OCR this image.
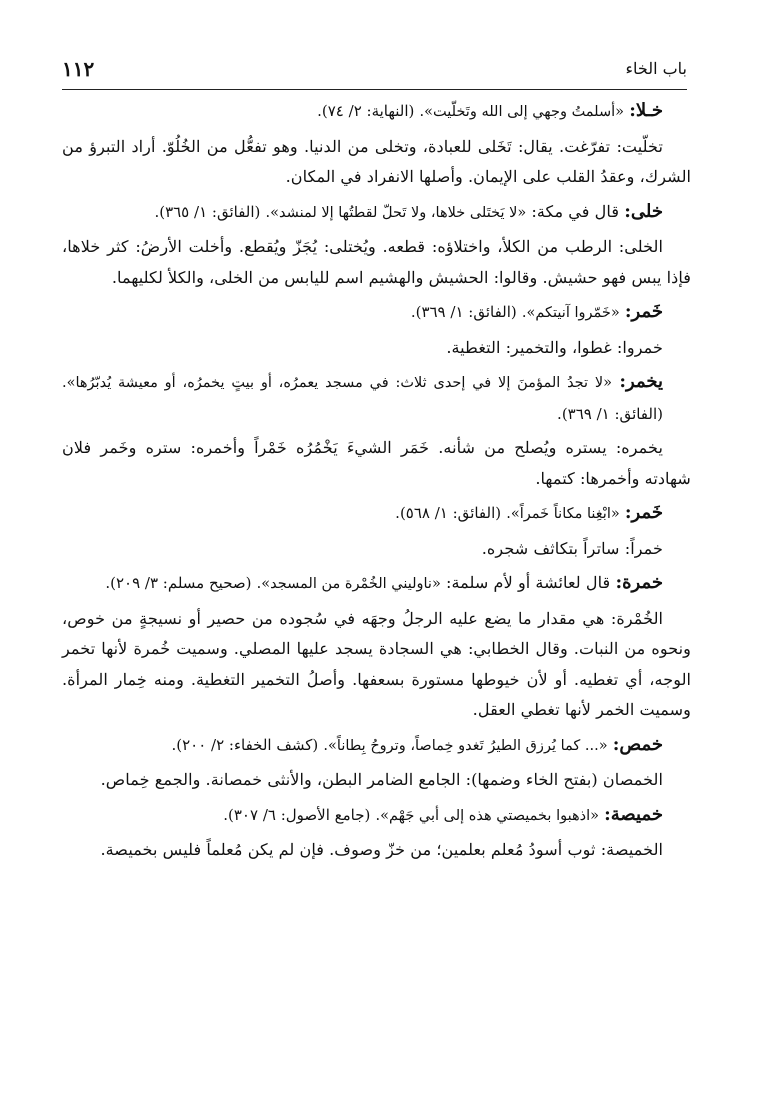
باب الخاء
١١٢

خـلا: «أسلمتُ وجهي إلى الله وتَخلّيت». (النهاية: ٢/ ٧٤).

تخلّيت: تفرّغت. يقال: تَخَلى للعبادة، وتخلى من الدنيا. وهو تفعُّل من الخُلُوّ. أراد التبرؤ من الشرك، وعقدُ القلب على الإيمان. وأصلها الانفراد في المكان.

خلى: قال في مكة: «لا يَختَلى خلاها، ولا تَحلّ لقطتُها إلا لمنشد». (الفائق: ١/ ٣٦٥).

الخلى: الرطب من الكلأ، واختلاؤه: قطعه. ويُختلى: يُجَزّ ويُقطع. وأخلت الأرضُ: كثر خلاها، فإذا يبس فهو حشيش. وقالوا: الحشيش والهشيم اسم لليابس من الخلى، والكلأ لكليهما.

خَمر: «خَمّروا آنيتكم». (الفائق: ١/ ٣٦٩).

خمروا: غطوا، والتخمير: التغطية.

يخمر: «لا تجدُ المؤمنَ إلا في إحدى ثلاث: في مسجد يعمرُه، أو بيتٍ يخمرُه، أو معيشة يُدبّرُها». (الفائق: ١/ ٣٦٩).

يخمره: يستره ويُصلح من شأنه. خَمَر الشيءَ يَخْمُرُه خَمْراً وأخمره: ستره وخَمر فلان شهادته وأخمرها: كتمها.

خَمر: «ابْغِنا مكاناً خَمراً». (الفائق: ١/ ٥٦٨).

خمراً: ساتراً بتكاثف شجره.

خمرة: قال لعائشة أو لأم سلمة: «ناوليني الخُمْرة من المسجد». (صحيح مسلم: ٣/ ٢٠٩).

الخُمْرة: هي مقدار ما يضع عليه الرجلُ وجهَه في سُجوده من حصير أو نسيجةٍ من خوص، ونحوه من النبات. وقال الخطابي: هي السجادة يسجد عليها المصلي. وسميت خُمرة لأنها تخمر الوجه، أي تغطيه. أو لأن خيوطها مستورة بسعفها. وأصلُ التخمير التغطية. ومنه خِمار المرأة. وسميت الخمر لأنها تغطي العقل.

خمص: «... كما يُرزق الطيرُ تَغدو خِماصاً، وتروحُ بِطاناً». (كشف الخفاء: ٢/ ٢٠٠).

الخمصان (بفتح الخاء وضمها): الجامع الضامر البطن، والأنثى خمصانة. والجمع خِماص.

خميصة: «اذهبوا بخميصتي هذه إلى أبي جَهْم». (جامع الأصول: ٦/ ٣٠٧).

الخميصة: ثوب أسودُ مُعلم بعلمين؛ من خزّ وصوف. فإن لم يكن مُعلماً فليس بخميصة.
